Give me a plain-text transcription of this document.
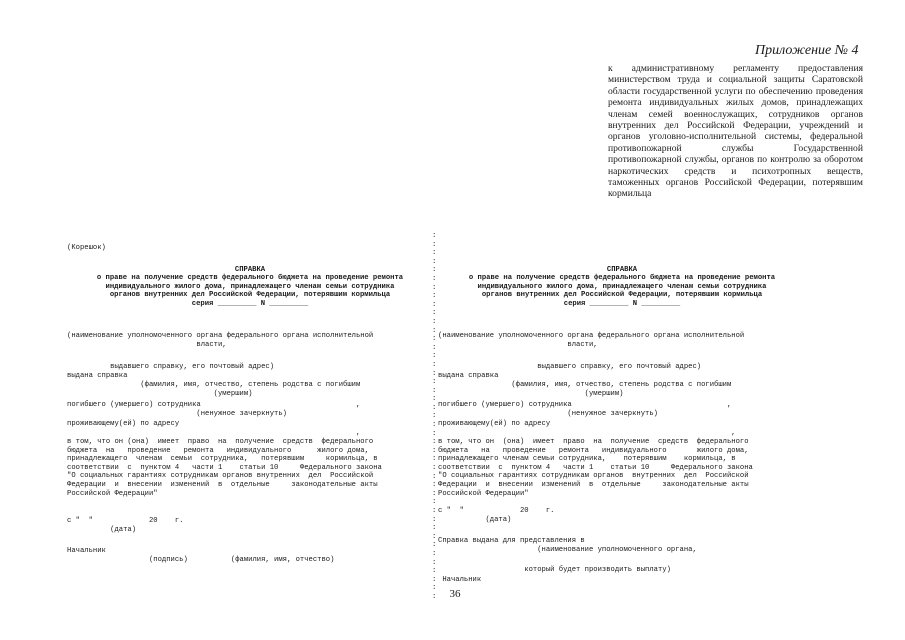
Приложение № 4
к административному регламенту предоставления министерством труда и социальной защиты Саратовской области государственной услуги по обеспечению проведения ремонта индивидуальных жилых домов, принадлежащих членам семей военнослужащих, сотрудников органов внутренних дел Российской Федерации, учреждений и органов уголовно-исполнительной системы, федеральной противопожарной службы Государственной противопожарной службы, органов по контролю за оборотом наркотических средств и психотропных веществ, таможенных органов Российской Федерации, потерявшим кормильца
(Корешок)
СПРАВКА
о праве на получение средств федерального бюджета на проведение ремонта
индивидуального жилого дома, принадлежащего членам семьи сотрудника
органов внутренних дел Российской Федерации, потерявшим кормильца
серия _________ N _________
(наименование уполномоченного органа федерального органа исполнительной
власти,
выдавшего справку, его почтовый адрес)
выдана справка
(фамилия, имя, отчество, степень родства с погибшим
(умершим)
погибшего (умершего) сотрудника                                    ,
(ненужное зачеркнуть)
проживающему(ей) по адресу
,
в том, что он (она)  имеет  право  на  получение  средств  федерального
бюджета  на   проведение   ремонта   индивидуального      жилого дома,
принадлежащего  членам  семьи  сотрудника,   потерявшим     кормильца, в
соответствии  с  пунктом 4   части 1    статьи 10     Федерального закона
"О социальных гарантиях сотрудникам органов внутренних  дел  Российской
Федерации  и  внесении  изменений  в  отдельные     законодательные акты
Российской Федерации"
с "  "             20    г.
(дата)
Начальник
(подпись)          (фамилия, имя, отчество)
:
:
:
:
:
:
:
:
:
:
:
:
:
:
:
:
:
:
:
:
:
:
:
:
:
:
:
:
:
:
:
:
:
:
:
:
:
:
:
:
:
:
:
СПРАВКА
о праве на получение средств федерального бюджета на проведение ремонта
индивидуального жилого дома, принадлежащего членам семьи сотрудника
органов внутренних дел Российской Федерации, потерявшим кормильца
серия _________ N _________
(наименование уполномоченного органа федерального органа исполнительной
власти,
выдавшего справку, его почтовый адрес)
выдана справка
(фамилия, имя, отчество, степень родства с погибшим
(умершим)
погибшего (умершего) сотрудника                                    ,
(ненужное зачеркнуть)
проживающему(ей) по адресу
,
в том, что он  (она)  имеет  право  на  получение  средств  федерального
бюджета   на   проведение   ремонта   индивидуального       жилого дома,
принадлежащего членам семьи сотрудника,    потерявшим    кормильца, в
соответствии  с  пунктом 4   части 1    статьи 10     Федерального закона
"О социальных гарантиях сотрудникам органов  внутренних  дел  Российской
Федерации  и  внесении  изменений  в  отдельные     законодательные акты
Российской Федерации"
с "  "             20    г.
(дата)
Справка выдана для представления в
(наименование уполномоченного органа,
который будет производить выплату)
Начальник
36
